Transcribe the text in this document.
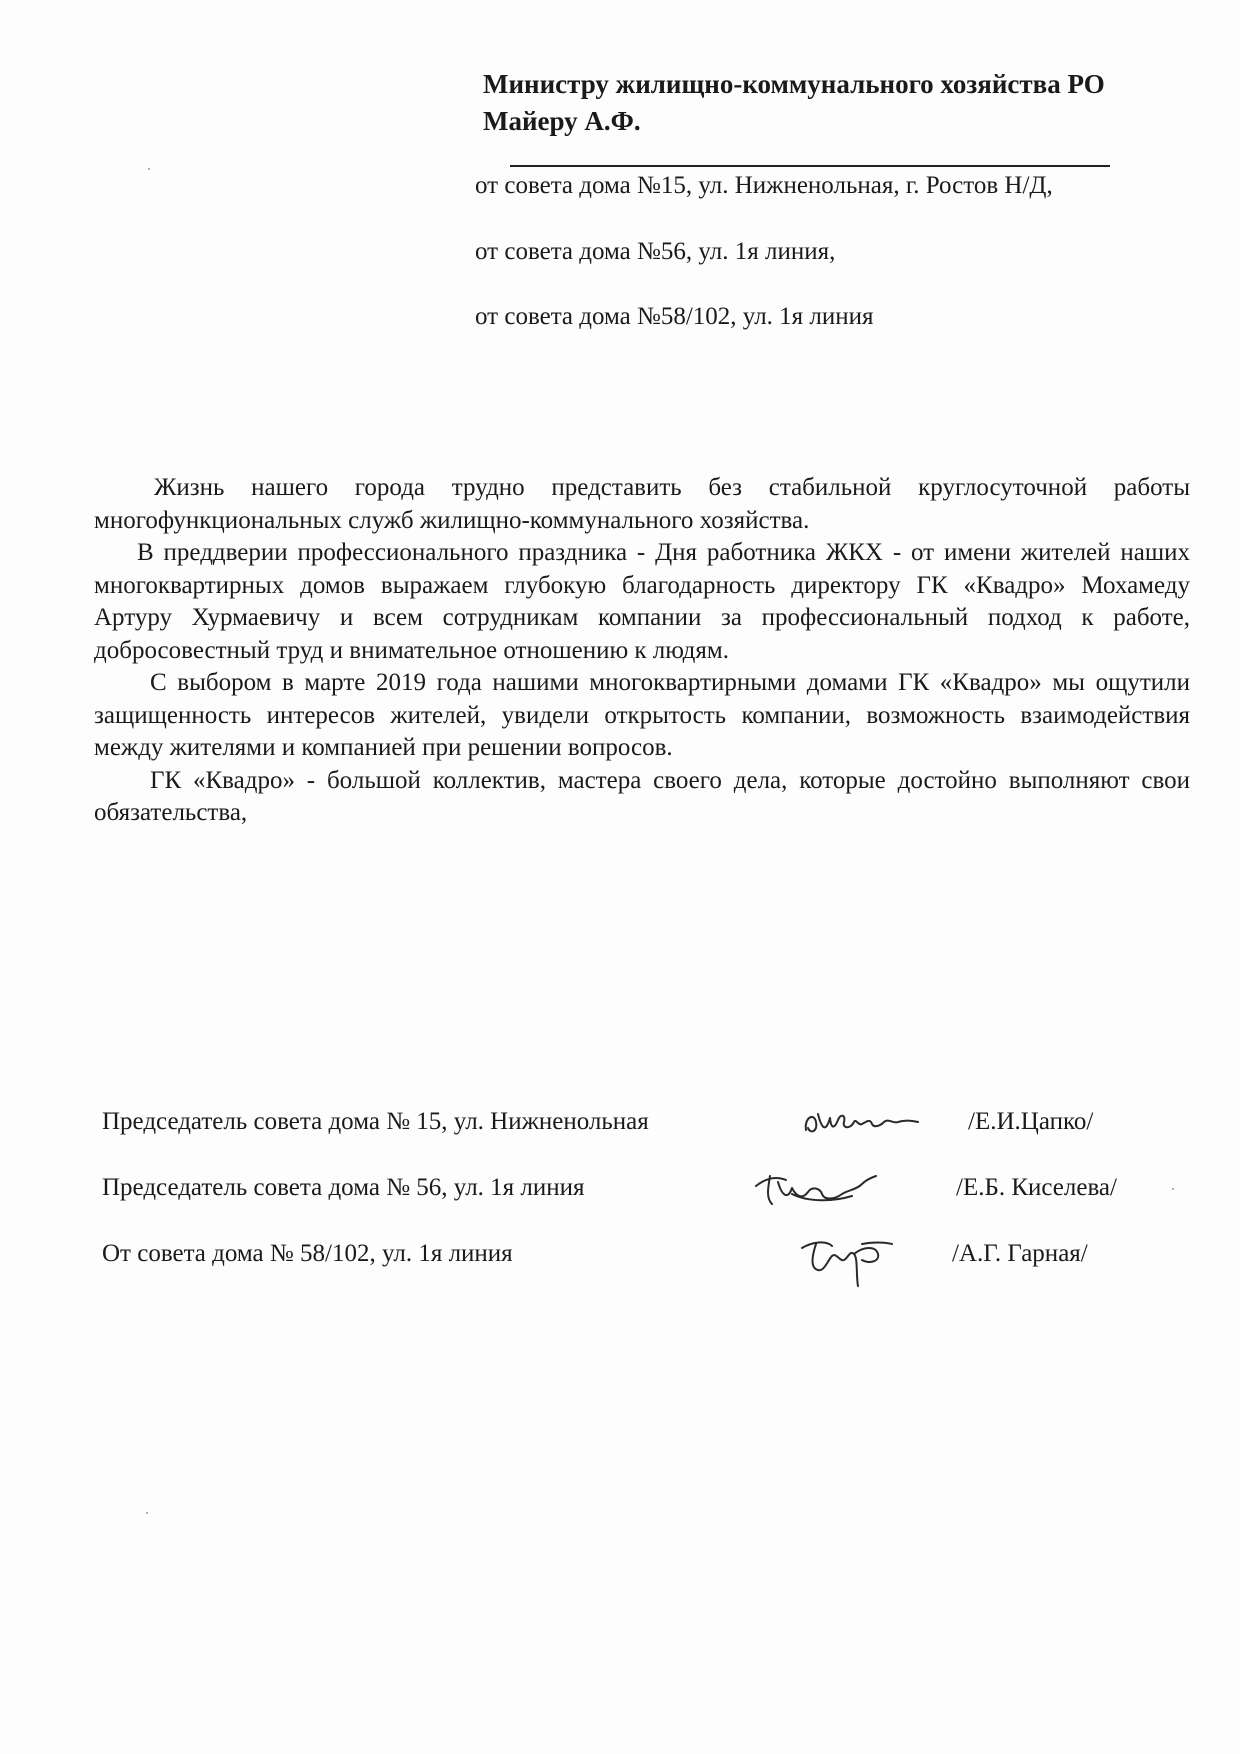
Министру жилищно-коммунального хозяйства РО
Майеру А.Ф.
от совета дома №15, ул. Нижненольная, г. Ростов Н/Д,
от совета дома №56, ул. 1я линия,
от совета дома №58/102, ул. 1я линия

Жизнь нашего города трудно представить без стабильной круглосуточной работы многофункциональных служб жилищно-коммунального хозяйства.

В преддверии профессионального праздника - Дня работника ЖКХ - от имени жителей наших многоквартирных домов выражаем глубокую благодарность директору ГК «Квадро» Мохамеду Артуру Хурмаевичу и всем сотрудникам компании за профессиональный подход к работе, добросовестный труд и внимательное отношению к людям.

С выбором в марте 2019 года нашими многоквартирными домами ГК «Квадро» мы ощутили защищенность интересов жителей, увидели открытость компании, возможность взаимодействия между жителями и компанией при решении вопросов.

ГК «Квадро» - большой коллектив, мастера своего дела, которые достойно выполняют свои обязательства,

Председатель совета дома № 15, ул. Нижненольная	/Е.И.Цапко/
Председатель совета дома № 56, ул. 1я линия	/Е.Б. Киселева/
От совета дома № 58/102, ул. 1я линия	/А.Г. Гарная/
